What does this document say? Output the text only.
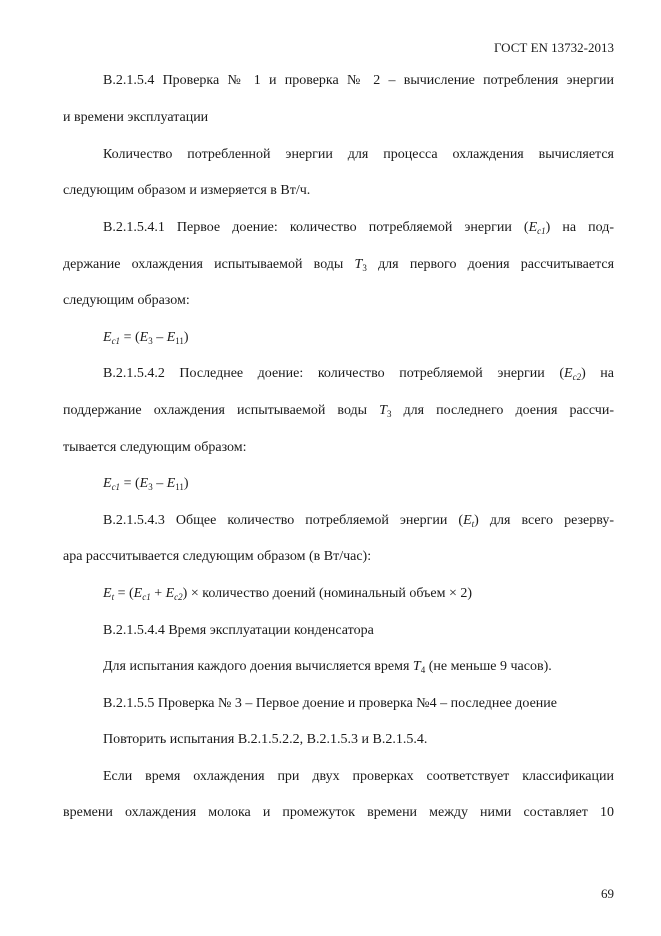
ГОСТ EN 13732-2013
B.2.1.5.4 Проверка № 1 и проверка № 2 – вычисление потребления энергии
и времени эксплуатации
Количество потребленной энергии для процесса охлаждения вычисляется
следующим образом и измеряется в Вт/ч.
B.2.1.5.4.1 Первое доение: количество потребляемой энергии $(E_{c1})$ на под-
держание охлаждения испытываемой воды $T_3$ для первого доения рассчитывается
следующим образом:
$E_{c1} = (E_3 - E_{11})$
B.2.1.5.4.2 Последнее доение: количество потребляемой энергии $(E_{c2})$ на
поддержание охлаждения испытываемой воды $T_3$ для последнего доения рассчи-
тывается следующим образом:
$E_{c1} = (E_3 - E_{11})$
B.2.1.5.4.3 Общее количество потребляемой энергии $(E_t)$ для всего резерву-
ара рассчитывается следующим образом (в Вт/час):
$E_t = (E_{c1} + E_{c2})$ × количество доений (номинальный объем × 2)
B.2.1.5.4.4 Время эксплуатации конденсатора
Для испытания каждого доения вычисляется время $T_4$ (не меньше 9 часов).
B.2.1.5.5 Проверка № 3 – Первое доение и проверка №4 – последнее доение
Повторить испытания B.2.1.5.2.2, B.2.1.5.3 и B.2.1.5.4.
Если время охлаждения при двух проверках соответствует классификации
времени охлаждения молока и промежуток времени между ними составляет 10
69
